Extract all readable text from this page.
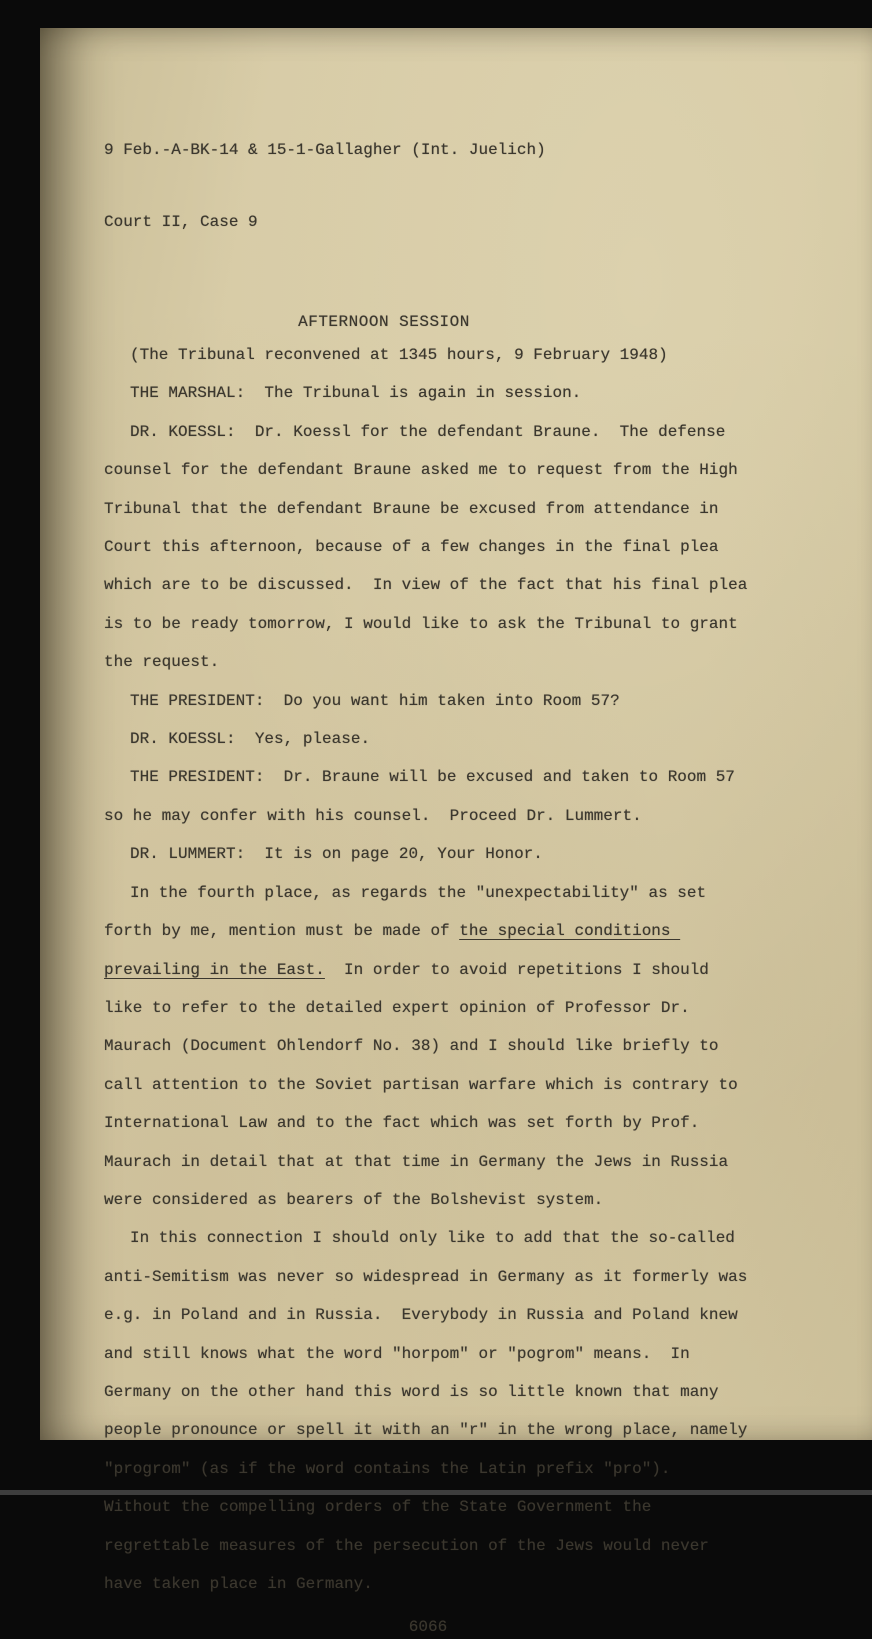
9 Feb.-A-BK-14 & 15-1-Gallagher (Int. Juelich)

Court II, Case 9

AFTERNOON SESSION

(The Tribunal reconvened at 1345 hours, 9 February 1948)

THE MARSHAL:  The Tribunal is again in session.

DR. KOESSL:  Dr. Koessl for the defendant Braune.  The defense counsel for the defendant Braune asked me to request from the High Tribunal that the defendant Braune be excused from attendance in Court this afternoon, because of a few changes in the final plea which are to be discussed.  In view of the fact that his final plea is to be ready tomorrow, I would like to ask the Tribunal to grant the request.

THE PRESIDENT:  Do you want him taken into Room 57?

DR. KOESSL:  Yes, please.

THE PRESIDENT:  Dr. Braune will be excused and taken to Room 57 so he may confer with his counsel.  Proceed Dr. Lummert.

DR. LUMMERT:  It is on page 20, Your Honor.

In the fourth place, as regards the "unexpectability" as set forth by me, mention must be made of the special conditions prevailing in the East.  In order to avoid repetitions I should like to refer to the detailed expert opinion of Professor Dr. Maurach (Document Ohlendorf No. 38) and I should like briefly to call attention to the Soviet partisan warfare which is contrary to International Law and to the fact which was set forth by Prof. Maurach in detail that at that time in Germany the Jews in Russia were considered as bearers of the Bolshevist system.

In this connection I should only like to add that the so-called anti-Semitism was never so widespread in Germany as it formerly was e.g. in Poland and in Russia.  Everybody in Russia and Poland knew and still knows what the word "horpom" or "pogrom" means.  In Germany on the other hand this word is so little known that many people pronounce or spell it with an "r" in the wrong place, namely "progrom" (as if the word contains the Latin prefix "pro").  Without the compelling orders of the State Government the regrettable measures of the persecution of the Jews would never have taken place in Germany.

6066
